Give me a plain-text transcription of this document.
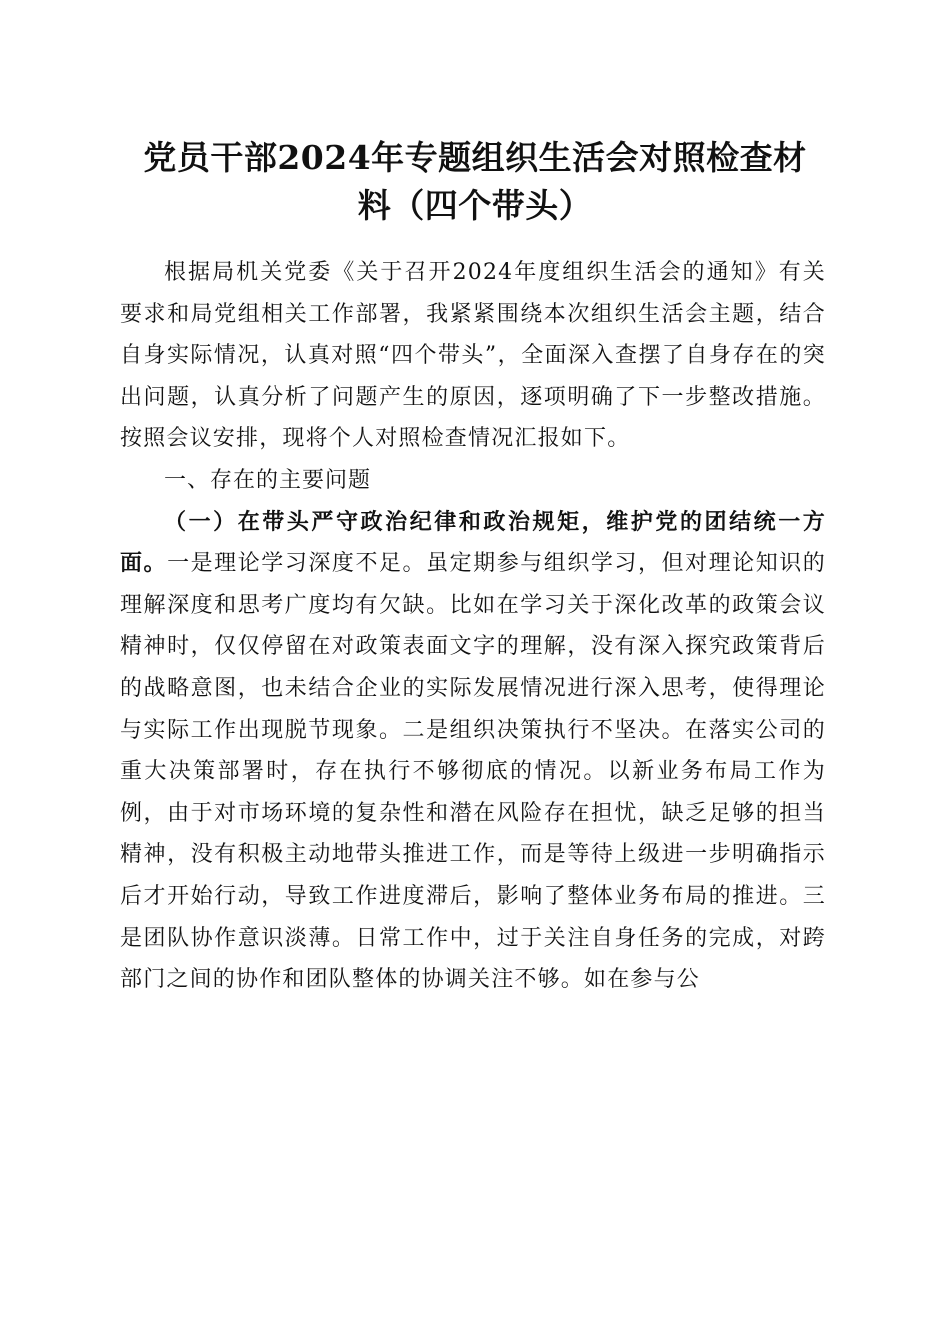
党员干部2024年专题组织生活会对照检查材
料（四个带头）

根据局机关党委《关于召开2024年度组织生活会的通知》有关要求和局党组相关工作部署，我紧紧围绕本次组织生活会主题，结合自身实际情况，认真对照“四个带头”，全面深入查摆了自身存在的突出问题，认真分析了问题产生的原因，逐项明确了下一步整改措施。按照会议安排，现将个人对照检查情况汇报如下。

一、存在的主要问题

（一）在带头严守政治纪律和政治规矩，维护党的团结统一方面。一是理论学习深度不足。虽定期参与组织学习，但对理论知识的理解深度和思考广度均有欠缺。比如在学习关于深化改革的政策会议精神时，仅仅停留在对政策表面文字的理解，没有深入探究政策背后的战略意图，也未结合企业的实际发展情况进行深入思考，使得理论与实际工作出现脱节现象。二是组织决策执行不坚决。在落实公司的重大决策部署时，存在执行不够彻底的情况。以新业务布局工作为例，由于对市场环境的复杂性和潜在风险存在担忧，缺乏足够的担当精神，没有积极主动地带头推进工作，而是等待上级进一步明确指示后才开始行动，导致工作进度滞后，影响了整体业务布局的推进。三是团队协作意识淡薄。日常工作中，过于关注自身任务的完成，对跨部门之间的协作和团队整体的协调关注不够。如在参与公
